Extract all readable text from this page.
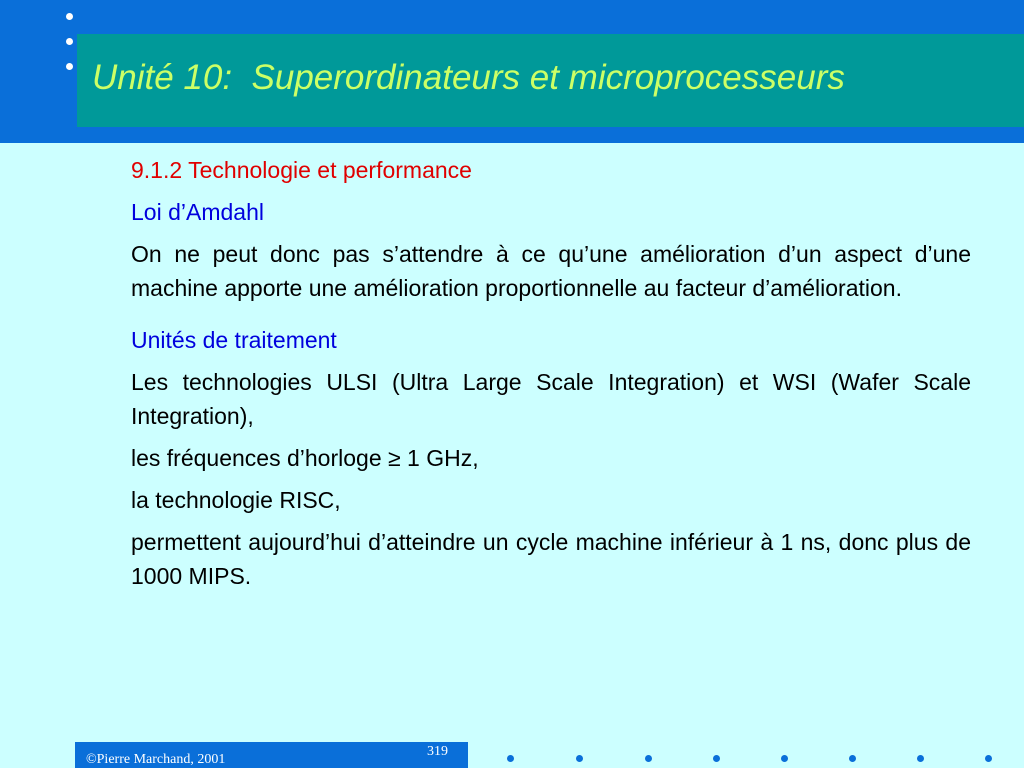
Unité 10:  Superordinateurs et microprocesseurs

9.1.2 Technologie et performance

Loi d’Amdahl

On ne peut donc pas s’attendre à ce qu’une amélioration d’un aspect d’une machine apporte une amélioration proportionnelle au facteur d’amélioration.

Unités de traitement

Les technologies ULSI (Ultra Large Scale Integration) et WSI (Wafer Scale Integration),

les fréquences d’horloge ≥ 1 GHz,

la technologie RISC,

permettent aujourd’hui d’atteindre un cycle machine inférieur à 1 ns, donc plus de 1000 MIPS.

©Pierre Marchand, 2001
319
